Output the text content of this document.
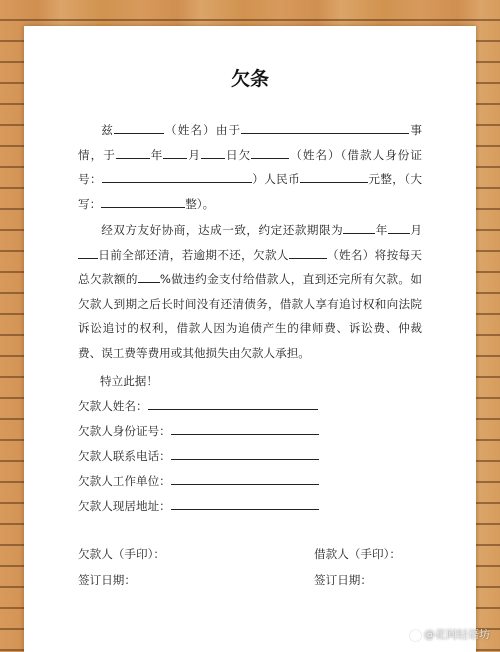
欠条

兹	（姓名）由于	事情，于	年 月 日欠	（姓名）（借款人身份证号：	）人民币	元整，（大写：	整）。

经双方友好协商，达成一致，约定还款期限为	年 月日前全部还清，若逾期不还，欠款人	（姓名）将按每天总欠款额的 %做违约金支付给借款人，直到还完所有欠款。如欠款人到期之后长时间没有还清债务，借款人享有追讨权和向法院诉讼追讨的权利，借款人因为追债产生的律师费、诉讼费、仲裁费、误工费等费用或其他损失由欠款人承担。

特立此据！
欠款人姓名：
欠款人身份证号：
欠款人联系电话：
欠款人工作单位：
欠款人现居地址：
欠款人（手印）：	借款人（手印）：
签订日期：	签订日期：
@花间轻语坊
